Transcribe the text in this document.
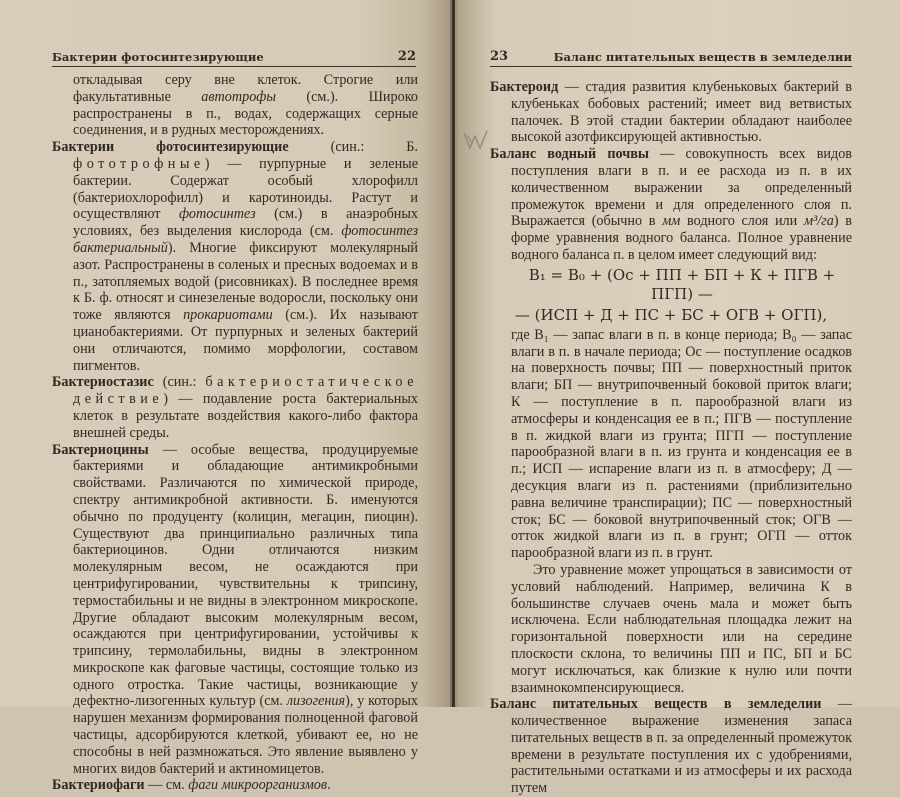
Бактерии фотосинтезирующие	22

откладывая серу вне клеток. Строгие или факультативные автотрофы (см.). Широко распространены в п., водах, содержащих серные соединения, и в рудных месторождениях.

Бактерии фотосинтезирующие (син.: Б. фототрофные) — пурпурные и зеленые бактерии. Содержат особый хлорофилл (бактериохлорофилл) и каротиноиды. Растут и осуществляют фотосинтез (см.) в анаэробных условиях, без выделения кислорода (см. фотосинтез бактериальный). Многие фиксируют молекулярный азот. Распространены в соленых и пресных водоемах и в п., затопляемых водой (рисовниках). В последнее время к Б. ф. относят и синезеленые водоросли, поскольку они тоже являются прокариотами (см.). Их называют цианобактериями. От пурпурных и зеленых бактерий они отличаются, помимо морфологии, составом пигментов.

Бактериостазис (син.: бактериостатическое действие) — подавление роста бактериальных клеток в результате воздействия какого-либо фактора внешней среды.

Бактериоцины — особые вещества, продуцируемые бактериями и обладающие антимикробными свойствами. Различаются по химической природе, спектру антимикробной активности. Б. именуются обычно по продуценту (колицин, мегацин, пиоцин). Существуют два принципиально различных типа бактериоцинов. Одни отличаются низким молекулярным весом, не осаждаются при центрифугировании, чувствительны к трипсину, термостабильны и не видны в электронном микроскопе. Другие обладают высоким молекулярным весом, осаждаются при центрифугировании, устойчивы к трипсину, термолабильны, видны в электронном микроскопе как фаговые частицы, состоящие только из одного отростка. Такие частицы, возникающие у дефектно-лизогенных культур (см. лизогения), у которых нарушен механизм формирования полноценной фаговой частицы, адсорбируются клеткой, убивают ее, но не способны в ней размножаться. Это явление выявлено у многих видов бактерий и актиномицетов.

Бактериофаги — см. фаги микроорганизмов.

23	Баланс питательных веществ в земледелии

Бактероид — стадия развития клубеньковых бактерий в клубеньках бобовых растений; имеет вид ветвистых палочек. В этой стадии бактерии обладают наиболее высокой азотфиксирующей активностью.

Баланс водный почвы — совокупность всех видов поступления влаги в п. и ее расхода из п. в их количественном выражении за определенный промежуток времени и для определенного слоя п. Выражается (обычно в мм водного слоя или м³/га) в форме уравнения водного баланса. Полное уравнение водного баланса п. в целом имеет следующий вид:

B₁ = B₀ + (Ос + ПП + БП + К + ПГВ + ПГП) —
— (ИСП + Д + ПС + БС + ОГВ + ОГП),

где B₁ — запас влаги в п. в конце периода; B₀ — запас влаги в п. в начале периода; Ос — поступление осадков на поверхность почвы; ПП — поверхностный приток влаги; БП — внутрипочвенный боковой приток влаги; К — поступление в п. парообразной влаги из атмосферы и конденсация ее в п.; ПГВ — поступление в п. жидкой влаги из грунта; ПГП — поступление парообразной влаги в п. из грунта и конденсация ее в п.; ИСП — испарение влаги из п. в атмосферу; Д — десукция влаги из п. растениями (приблизительно равна величине транспирации); ПС — поверхностный сток; БС — боковой внутрипочвенный сток; ОГВ — отток жидкой влаги из п. в грунт; ОГП — отток парообразной влаги из п. в грунт.

Это уравнение может упрощаться в зависимости от условий наблюдений. Например, величина К в большинстве случаев очень мала и может быть исключена. Если наблюдательная площадка лежит на горизонтальной поверхности или на середине плоскости склона, то величины ПП и ПС, БП и БС могут исключаться, как близкие к нулю или почти взаимнокомпенсирующиеся.

Баланс питательных веществ в земледелии — количественное выражение изменения запаса питательных веществ в п. за определенный промежуток времени в результате поступления их с удобрениями, растительными остатками и из атмосферы и их расхода путем
